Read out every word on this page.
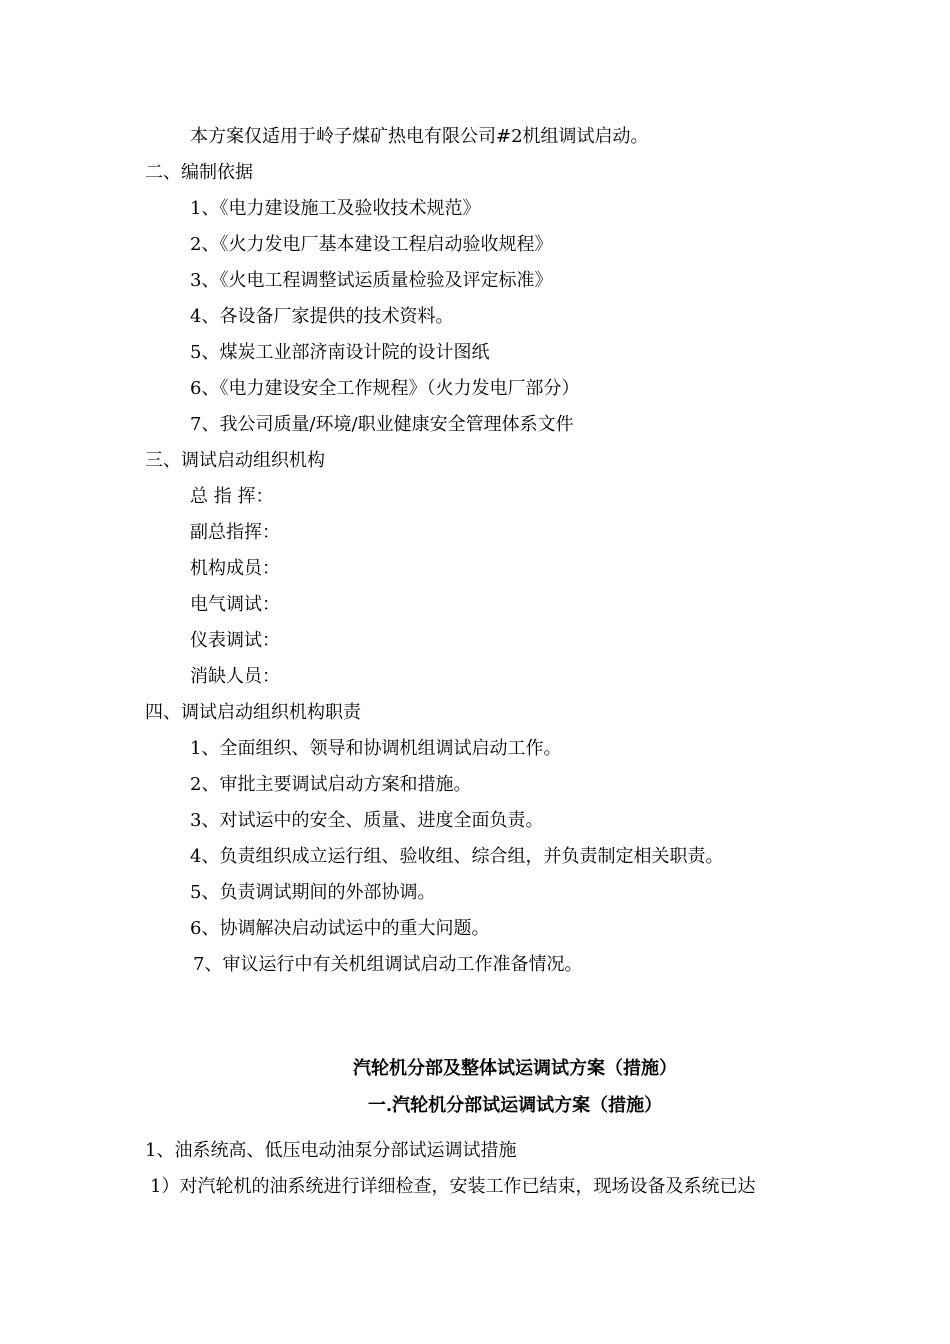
本方案仅适用于岭子煤矿热电有限公司#2机组调试启动。
二、编制依据
1、《电力建设施工及验收技术规范》
2、《火力发电厂基本建设工程启动验收规程》
3、《火电工程调整试运质量检验及评定标准》
4、各设备厂家提供的技术资料。
5、煤炭工业部济南设计院的设计图纸
6、《电力建设安全工作规程》（火力发电厂部分）
7、我公司质量/环境/职业健康安全管理体系文件
三、调试启动组织机构
总 指 挥：
副总指挥：
机构成员：
电气调试：
仪表调试：
消缺人员：
四、调试启动组织机构职责
1、全面组织、领导和协调机组调试启动工作。
2、审批主要调试启动方案和措施。
3、对试运中的安全、质量、进度全面负责。
4、负责组织成立运行组、验收组、综合组，并负责制定相关职责。
5、负责调试期间的外部协调。
6、协调解决启动试运中的重大问题。
7、审议运行中有关机组调试启动工作准备情况。
汽轮机分部及整体试运调试方案（措施）
一.汽轮机分部试运调试方案（措施）
1、油系统高、低压电动油泵分部试运调试措施
1）对汽轮机的油系统进行详细检查，安装工作已结束，现场设备及系统已达
